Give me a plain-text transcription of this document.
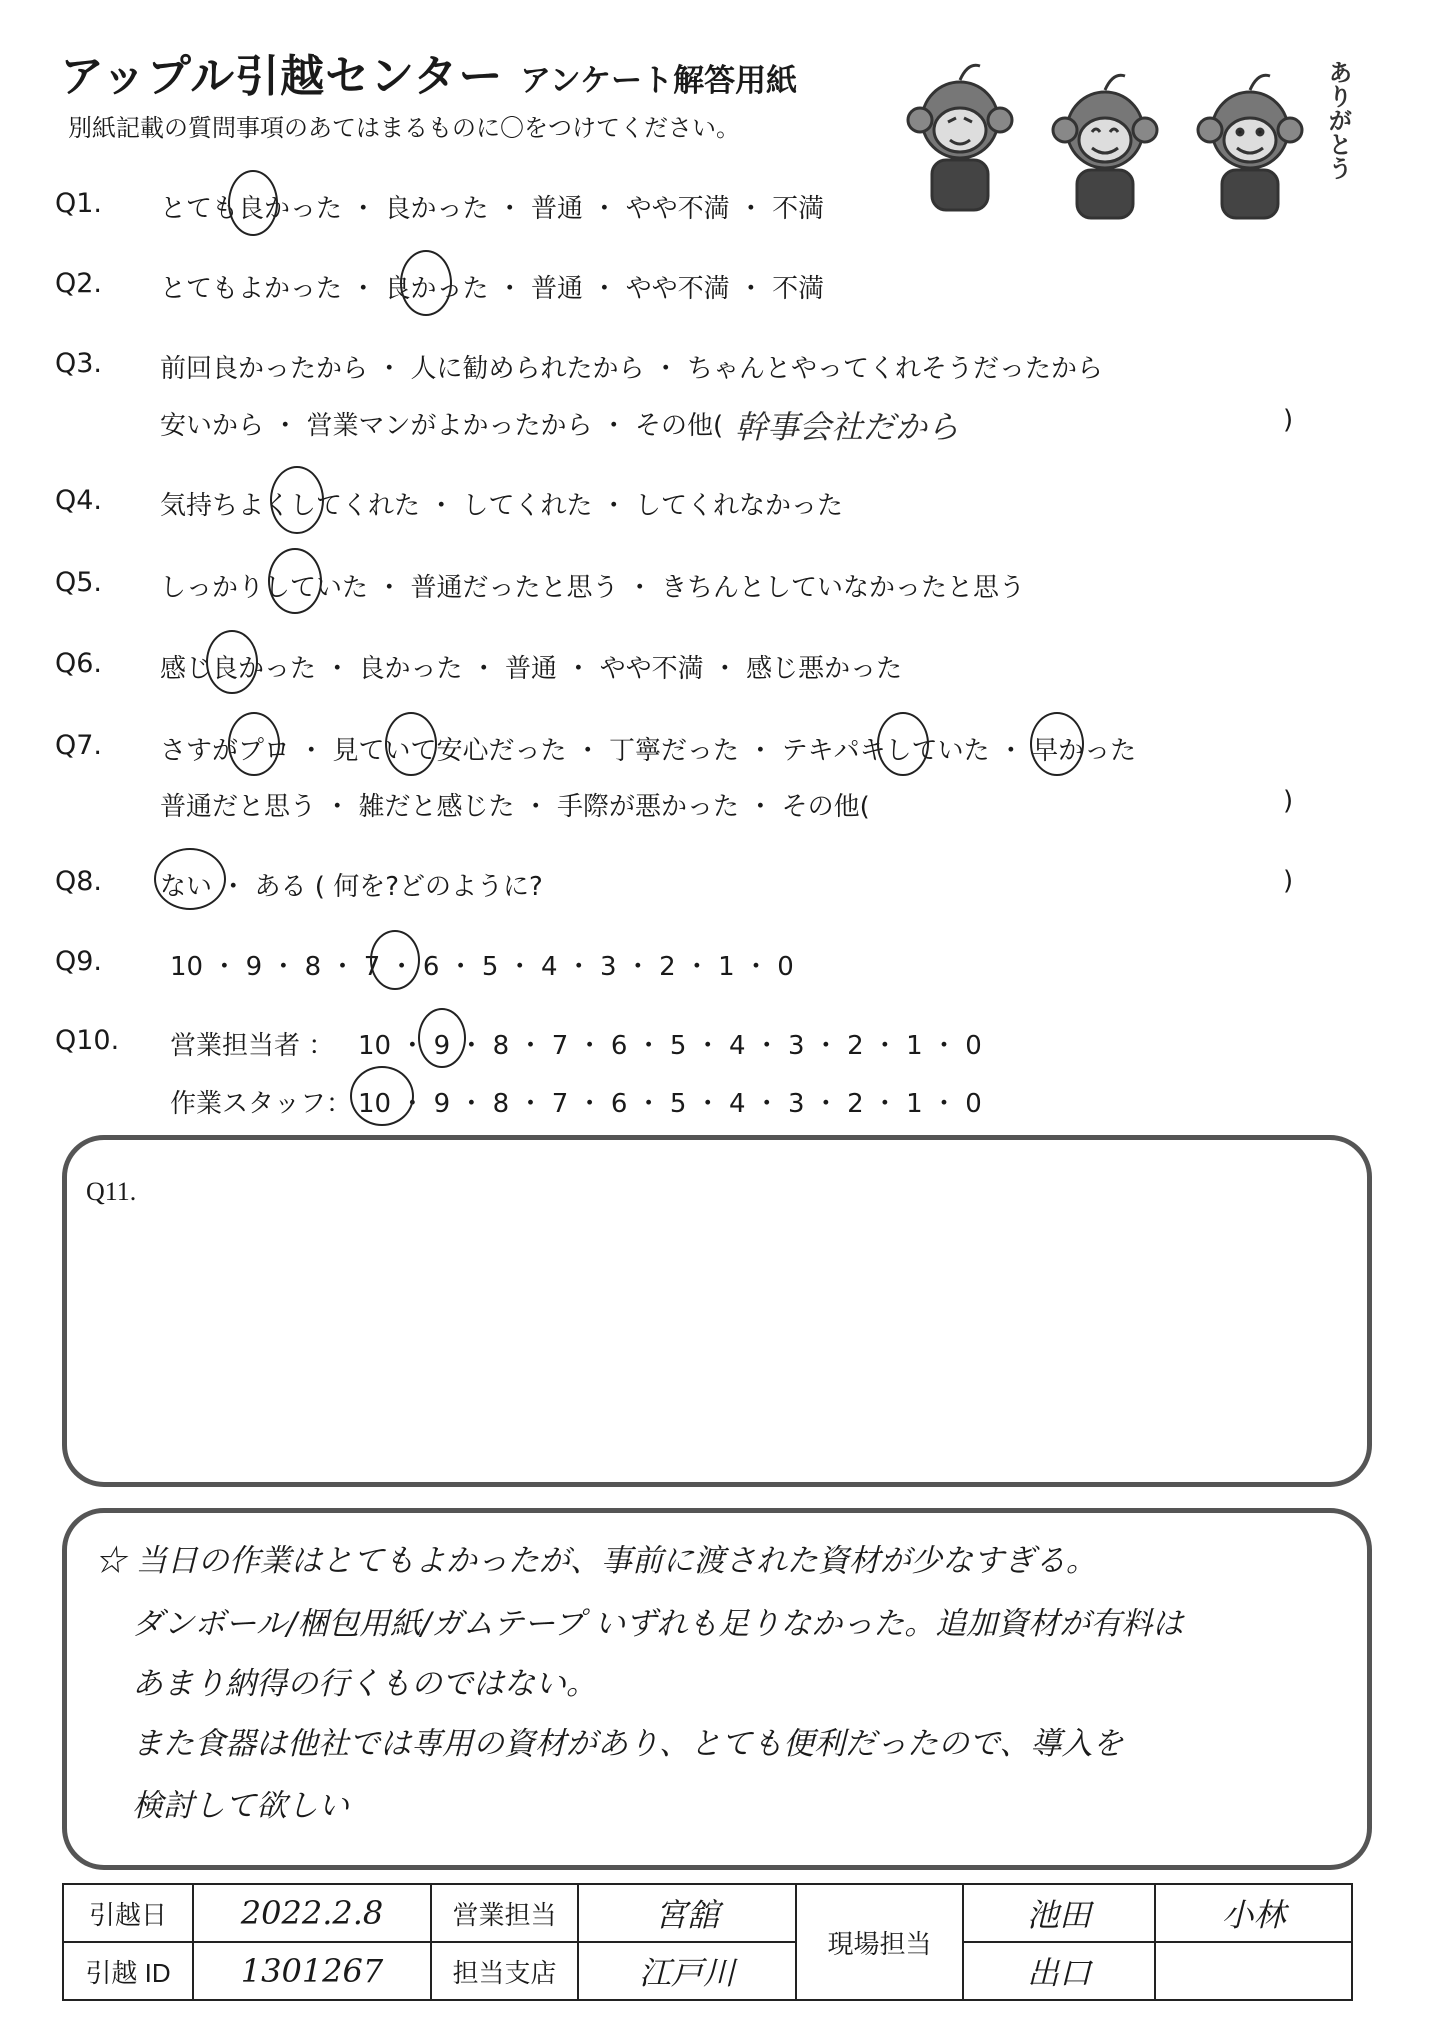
アップル引越センター アンケート解答用紙
別紙記載の質問事項のあてはまるものに〇をつけてください。	ありがとう
Q1. とても良かった ・ 良かった ・ 普通 ・ やや不満 ・ 不満
Q2. とてもよかった ・ 良かった ・ 普通 ・ やや不満 ・ 不満
Q3. 前回良かったから ・ 人に勧められたから ・ ちゃんとやってくれそうだったから
安いから ・ 営業マンがよかったから ・ その他( 幹事会社だから	)
Q4. 気持ちよくしてくれた ・ してくれた ・ してくれなかった
Q5. しっかりしていた ・ 普通だったと思う ・ きちんとしていなかったと思う
Q6. 感じ良かった ・ 良かった ・ 普通 ・ やや不満 ・ 感じ悪かった
Q7. さすがプロ ・ 見ていて安心だった ・ 丁寧だった ・ テキパキしていた ・ 早かった
普通だと思う ・ 雑だと感じた ・ 手際が悪かった ・ その他(	)
Q8. ない ・ ある ( 何を?どのように?	)
Q9.	10 ・ 9 ・ 8 ・ 7 ・ 6 ・ 5 ・ 4 ・ 3 ・ 2 ・ 1 ・ 0
Q10. 営業担当者 ： 10 ・ 9 ・ 8 ・ 7 ・ 6 ・ 5 ・ 4 ・ 3 ・ 2 ・ 1 ・ 0
作業スタッフ： 10 ・ 9 ・ 8 ・ 7 ・ 6 ・ 5 ・ 4 ・ 3 ・ 2 ・ 1 ・ 0
Q11.
☆ 当日の作業はとてもよかったが、事前に渡された資材が少なすぎる。
ダンボール/梱包用紙/ガムテープ いずれも足りなかった。追加資材が有料は
あまり納得の行くものではない。
また食器は他社では専用の資材があり、とても便利だったので、導入を
検討して欲しい
引越日	2022.2.8	営業担当	宮舘	現場担当	池田	小林
引越 ID	1301267	担当支店	江戸川		出口	
